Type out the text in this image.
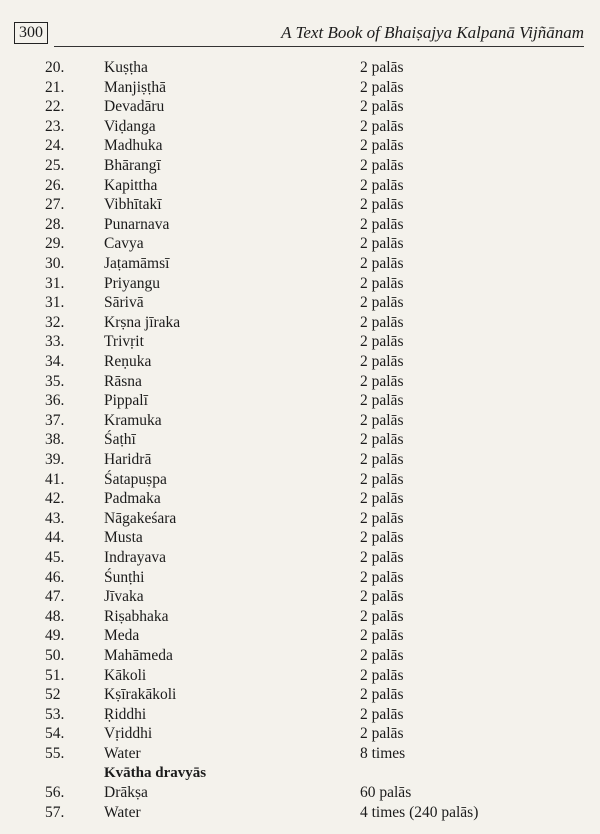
300	A Text Book of Bhaiṣajya Kalpanā Vijñānam
20.	Kuṣṭha	2 palās
21.	Manjiṣṭhā	2 palās
22.	Devadāru	2 palās
23.	Viḍanga	2 palās
24.	Madhuka	2 palās
25.	Bhārangī	2 palās
26.	Kapittha	2 palās
27.	Vibhītakī	2 palās
28.	Punarnava	2 palās
29.	Cavya	2 palās
30.	Jaṭamāmsī	2 palās
31.	Priyangu	2 palās
31.	Sārivā	2 palās
32.	Krṣna jīraka	2 palās
33.	Trivṛit	2 palās
34.	Reṇuka	2 palās
35.	Rāsna	2 palās
36.	Pippalī	2 palās
37.	Kramuka	2 palās
38.	Śaṭhī	2 palās
39.	Haridrā	2 palās
41.	Śatapuṣpa	2 palās
42.	Padmaka	2 palās
43.	Nāgakeśara	2 palās
44.	Musta	2 palās
45.	Indrayava	2 palās
46.	Śunṭhi	2 palās
47.	Jīvaka	2 palās
48.	Riṣabhaka	2 palās
49.	Meda	2 palās
50.	Mahāmeda	2 palās
51.	Kākoli	2 palās
52	Kṣīrakākoli	2 palās
53.	Ṛiddhi	2 palās
54.	Vṛiddhi	2 palās
55.	Water	8 times
Kvātha dravyās
56.	Drākṣa	60 palās
57.	Water	4 times (240 palās)
